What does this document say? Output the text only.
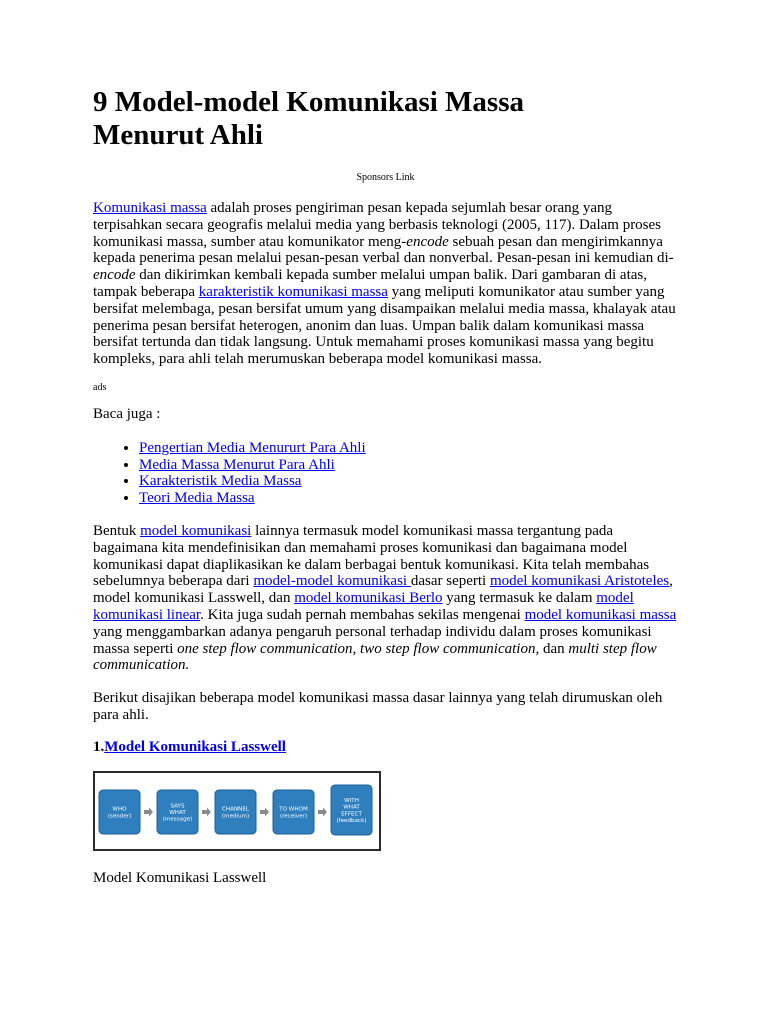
9 Model-model Komunikasi Massa
Menurut Ahli
Sponsors Link

Komunikasi massa adalah proses pengiriman pesan kepada sejumlah besar orang yang terpisahkan secara geografis melalui media yang berbasis teknologi (2005, 117). Dalam proses komunikasi massa, sumber atau komunikator meng-encode sebuah pesan dan mengirimkannya kepada penerima pesan melalui pesan-pesan verbal dan nonverbal. Pesan-pesan ini kemudian di-encode dan dikirimkan kembali kepada sumber melalui umpan balik. Dari gambaran di atas, tampak beberapa karakteristik komunikasi massa yang meliputi komunikator atau sumber yang bersifat melembaga, pesan bersifat umum yang disampaikan melalui media massa, khalayak atau penerima pesan bersifat heterogen, anonim dan luas. Umpan balik dalam komunikasi massa bersifat tertunda dan tidak langsung. Untuk memahami proses komunikasi massa yang begitu kompleks, para ahli telah merumuskan beberapa model komunikasi massa.

ads

Baca juga :

• Pengertian Media Menururt Para Ahli
• Media Massa Menurut Para Ahli
• Karakteristik Media Massa
• Teori Media Massa

Bentuk model komunikasi lainnya termasuk model komunikasi massa tergantung pada bagaimana kita mendefinisikan dan memahami proses komunikasi dan bagaimana model komunikasi dapat diaplikasikan ke dalam berbagai bentuk komunikasi. Kita telah membahas sebelumnya beberapa dari model-model komunikasi dasar seperti model komunikasi Aristoteles, model komunikasi Lasswell, dan model komunikasi Berlo yang termasuk ke dalam model komunikasi linear. Kita juga sudah pernah membahas sekilas mengenai model komunikasi massa yang menggambarkan adanya pengaruh personal terhadap individu dalam proses komunikasi massa seperti one step flow communication, two step flow communication, dan multi step flow communication.

Berikut disajikan beberapa model komunikasi massa dasar lainnya yang telah dirumuskan oleh para ahli.

1.Model Komunikasi Lasswell

WHO
(sender)
SAYS
WHAT
(message)
CHANNEL
(medium)
TO WHOM
(receiver)
WITH
WHAT
EFFECT
(feedback)

Model Komunikasi Lasswell
